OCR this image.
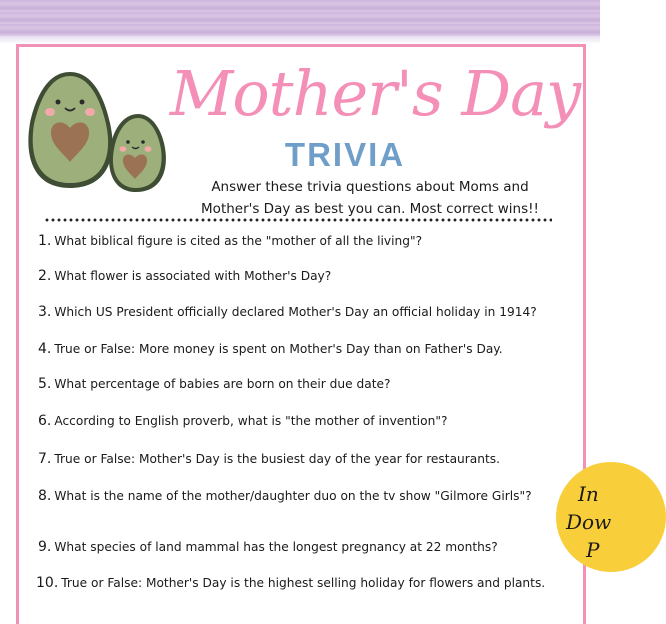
Mother's Day
TRIVIA
Answer these trivia questions about Moms and
Mother's Day as best you can. Most correct wins!!
1. What biblical figure is cited as the "mother of all the living"?
2. What flower is associated with Mother's Day?
3. Which US President officially declared Mother's Day an official holiday in 1914?
4. True or False: More money is spent on Mother's Day than on Father's Day.
5. What percentage of babies are born on their due date?
6. According to English proverb, what is "the mother of invention"?
7. True or False: Mother's Day is the busiest day of the year for restaurants.
8. What is the name of the mother/daughter duo on the tv show "Gilmore Girls"?
9. What species of land mammal has the longest pregnancy at 22 months?
10. True or False: Mother's Day is the highest selling holiday for flowers and plants.
In
Dow
P
